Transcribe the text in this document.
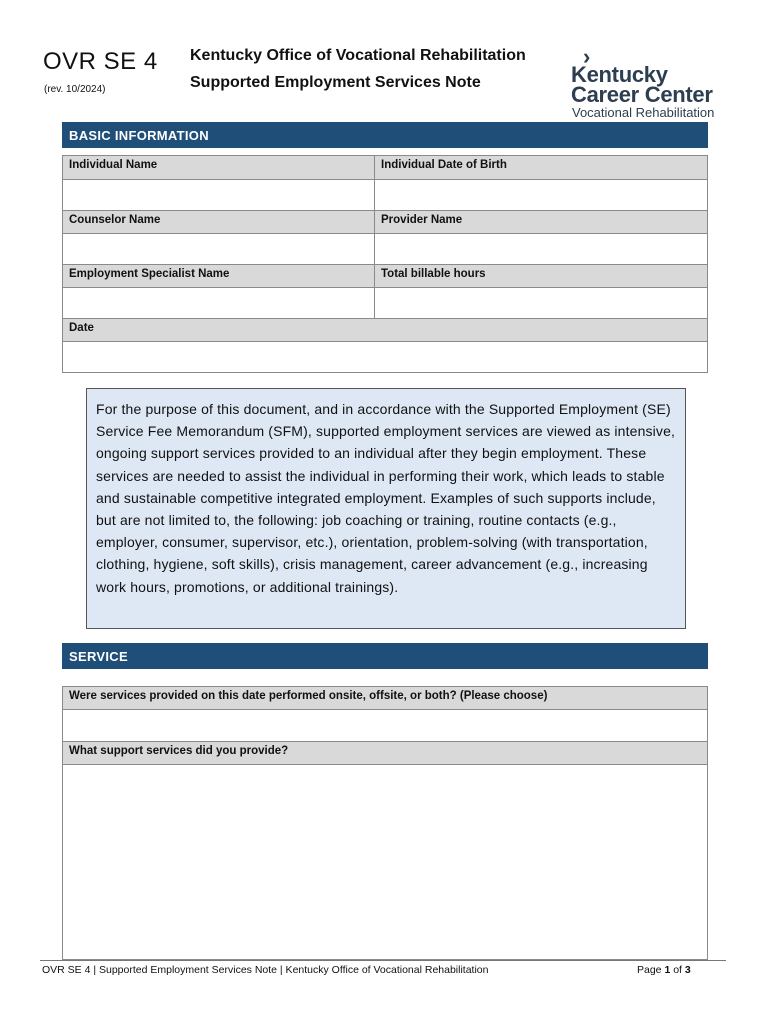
OVR SE 4
(rev. 10/2024)
Kentucky Office of Vocational Rehabilitation
Supported Employment Services Note
›
Kentucky
Career Center
Vocational Rehabilitation
BASIC INFORMATION
Individual Name	Individual Date of Birth
Counselor Name	Provider Name
Employment Specialist Name	Total billable hours
Date
For the purpose of this document, and in accordance with the Supported Employment (SE) Service Fee Memorandum (SFM), supported employment services are viewed as intensive, ongoing support services provided to an individual after they begin employment. These services are needed to assist the individual in performing their work, which leads to stable and sustainable competitive integrated employment. Examples of such supports include, but are not limited to, the following: job coaching or training, routine contacts (e.g., employer, consumer, supervisor, etc.), orientation, problem-solving (with transportation, clothing, hygiene, soft skills), crisis management, career advancement (e.g., increasing work hours, promotions, or additional trainings).
SERVICE
Were services provided on this date performed onsite, offsite, or both? (Please choose)
What support services did you provide?
OVR SE 4 | Supported Employment Services Note | Kentucky Office of Vocational Rehabilitation	Page 1 of 3
